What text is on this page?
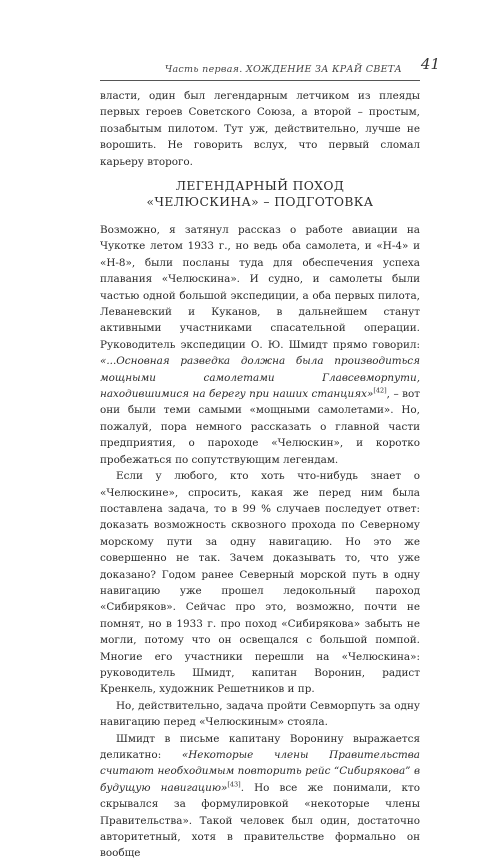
Часть первая. ХОЖДЕНИЕ ЗА КРАЙ СВЕТА 41

власти, один был легендарным летчиком из плеяды первых героев Советского Союза, а второй – простым, позабытым пилотом. Тут уж, действительно, лучше не ворошить. Не говорить вслух, что первый сломал карьеру второго.

ЛЕГЕНДАРНЫЙ ПОХОД
«ЧЕЛЮСКИНА» – ПОДГОТОВКА

Возможно, я затянул рассказ о работе авиации на Чукотке летом 1933 г., но ведь оба самолета, и «Н-4» и «Н-8», были посланы туда для обеспечения успеха плавания «Челюскина». И судно, и самолеты были частью одной большой экспедиции, а оба первых пилота, Леваневский и Куканов, в дальнейшем станут активными участниками спасательной операции. Руководитель экспедиции О. Ю. Шмидт прямо говорил: «...Основная разведка должна была производиться мощными самолетами Главсевморпути, находившимися на берегу при наших станциях»[42], – вот они были теми самыми «мощными самолетами». Но, пожалуй, пора немного рассказать о главной части предприятия, о пароходе «Челюскин», и коротко пробежаться по сопутствующим легендам.

Если у любого, кто хоть что-нибудь знает о «Челюскине», спросить, какая же перед ним была поставлена задача, то в 99 % случаев последует ответ: доказать возможность сквозного прохода по Северному морскому пути за одну навигацию. Но это же совершенно не так. Зачем доказывать то, что уже доказано? Годом ранее Северный морской путь в одну навигацию уже прошел ледокольный пароход «Сибиряков». Сейчас про это, возможно, почти не помнят, но в 1933 г. про поход «Сибирякова» забыть не могли, потому что он освещался с большой помпой. Многие его участники перешли на «Челюскина»: руководитель Шмидт, капитан Воронин, радист Кренкель, художник Решетников и пр.

Но, действительно, задача пройти Севморпуть за одну навигацию перед «Челюскиным» стояла.

Шмидт в письме капитану Воронину выражается деликатно: «Некоторые члены Правительства считают необходимым повторить рейс “Сибирякова” в будущую навигацию»[43]. Но все же понимали, кто скрывался за формулировкой «некоторые члены Правительства». Такой человек был один, достаточно авторитетный, хотя в правительстве формально он вообще
